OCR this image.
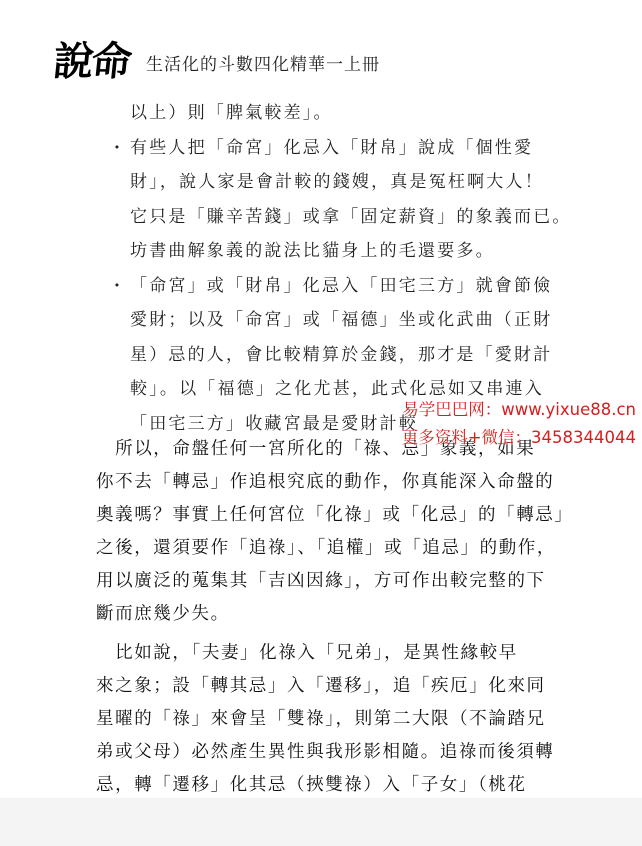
說命 生活化的斗數四化精華一上冊
以上）則「脾氣較差」。
· 有些人把「命宮」化忌入「財帛」說成「個性愛
財」，說人家是會計較的錢嫂，真是冤枉啊大人！
它只是「賺辛苦錢」或拿「固定薪資」的象義而已。
坊書曲解象義的說法比貓身上的毛還要多。
· 「命宮」或「財帛」化忌入「田宅三方」就會節儉
愛財；以及「命宮」或「福德」坐或化武曲（正財
星）忌的人，會比較精算於金錢，那才是「愛財計
較」。以「福德」之化尤甚，此式化忌如又串連入
「田宅三方」收藏宮最是愛財計較
　所以，命盤任何一宮所化的「祿、忌」象義，如果
你不去「轉忌」作追根究底的動作，你真能深入命盤的
奧義嗎？事實上任何宮位「化祿」或「化忌」的「轉忌」
之後，還須要作「追祿」、「追權」或「追忌」的動作，
用以廣泛的蒐集其「吉凶因緣」，方可作出較完整的下
斷而庶幾少失。
　比如說，「夫妻」化祿入「兄弟」，是異性緣較早
來之象；設「轉其忌」入「遷移」，追「疾厄」化來同
星曜的「祿」來會呈「雙祿」，則第二大限（不論踏兄
弟或父母）必然產生異性與我形影相隨。追祿而後須轉
忌，轉「遷移」化其忌（挾雙祿）入「子女」（桃花
易学巴巴网：www.yixue88.cn
更多资料+微信：3458344044
